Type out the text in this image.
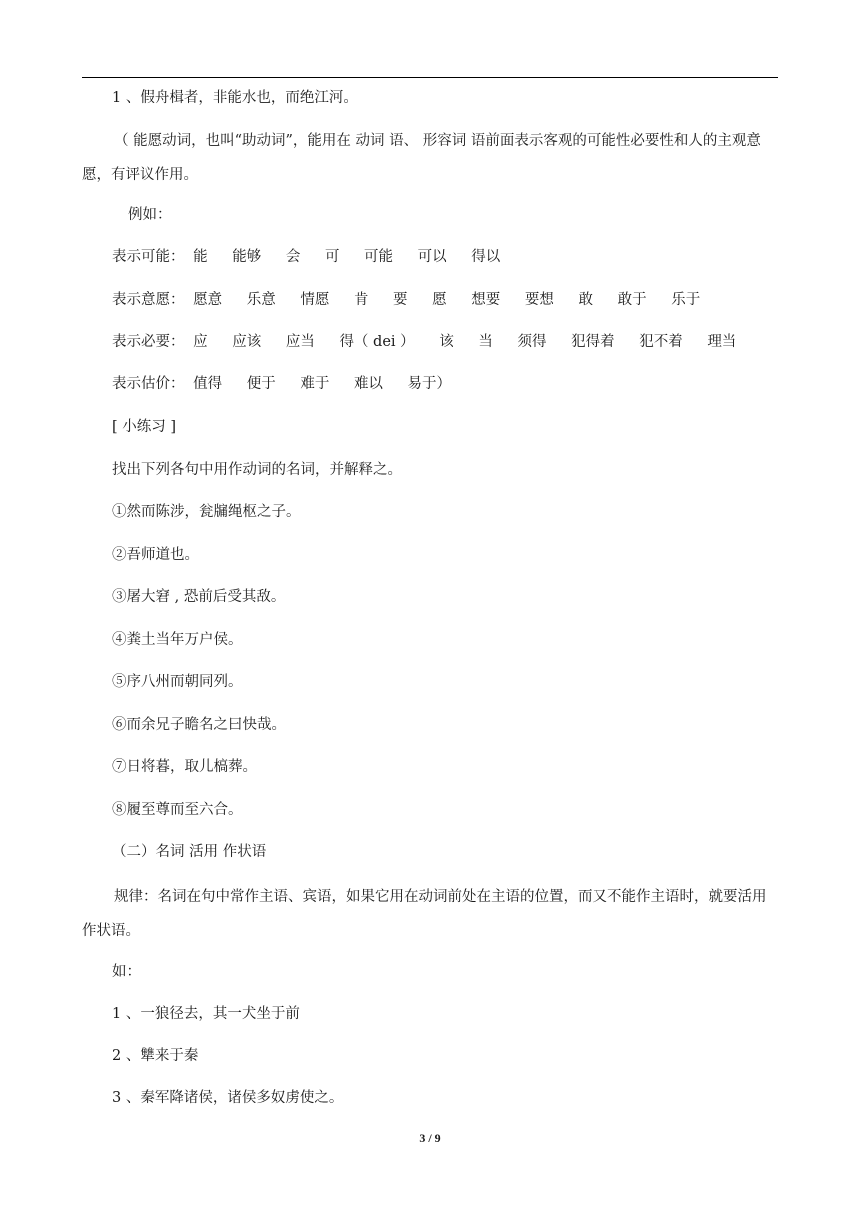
1 、假舟楫者，非能水也，而绝江河。
（ 能愿动词，也叫“助动词”，能用在 动词 语、 形容词 语前面表示客观的可能性必要性和人的主观意愿，有评议作用。
例如：
表示可能： 能 能够 会 可 可能 可以 得以
表示意愿： 愿意 乐意 情愿 肯 要 愿 想要 要想 敢 敢于 乐于
表示必要： 应 应该 应当 得（ dei ） 该 当 须得 犯得着 犯不着 理当
表示估价： 值得 便于 难于 难以 易于）
[ 小练习 ]
找出下列各句中用作动词的名词，并解释之。
①然而陈涉，瓮牖绳枢之子。
②吾师道也。
③屠大窘 , 恐前后受其敌。
④粪土当年万户侯。
⑤序八州而朝同列。
⑥而余兄子瞻名之曰快哉。
⑦日将暮，取儿槁葬。
⑧履至尊而至六合。
（二）名词 活用 作状语
规律：名词在句中常作主语、宾语，如果它用在动词前处在主语的位置，而又不能作主语时，就要活用作状语。
如：
1 、一狼径去，其一犬坐于前
2 、犨来于秦
3 、秦军降诸侯，诸侯多奴虏使之。
3 / 9
